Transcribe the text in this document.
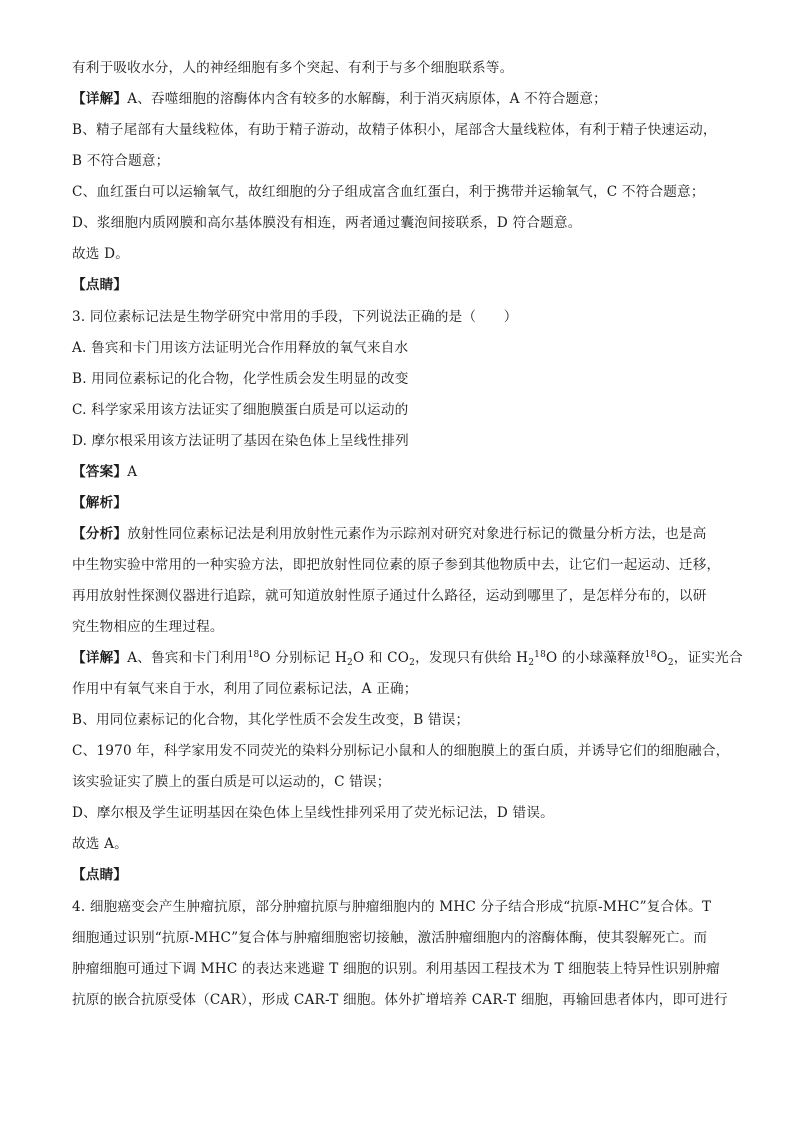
有利于吸收水分，人的神经细胞有多个突起、有利于与多个细胞联系等。
【详解】A、吞噬细胞的溶酶体内含有较多的水解酶，利于消灭病原体，A 不符合题意；
B、精子尾部有大量线粒体，有助于精子游动，故精子体积小，尾部含大量线粒体，有利于精子快速运动，
B 不符合题意；
C、血红蛋白可以运输氧气，故红细胞的分子组成富含血红蛋白，利于携带并运输氧气，C 不符合题意；
D、浆细胞内质网膜和高尔基体膜没有相连，两者通过囊泡间接联系，D 符合题意。
故选 D。
【点睛】
3. 同位素标记法是生物学研究中常用的手段，下列说法正确的是（　　）
A. 鲁宾和卡门用该方法证明光合作用释放的氧气来自水
B. 用同位素标记的化合物，化学性质会发生明显的改变
C. 科学家采用该方法证实了细胞膜蛋白质是可以运动的
D. 摩尔根采用该方法证明了基因在染色体上呈线性排列
【答案】A
【解析】
【分析】放射性同位素标记法是利用放射性元素作为示踪剂对研究对象进行标记的微量分析方法，也是高
中生物实验中常用的一种实验方法，即把放射性同位素的原子参到其他物质中去，让它们一起运动、迁移，
再用放射性探测仪器进行追踪，就可知道放射性原子通过什么路径，运动到哪里了，是怎样分布的，以研
究生物相应的生理过程。
【详解】A、鲁宾和卡门利用$^{18}$O 分别标记 $H_2O$ 和 $CO_2$，发现只有供给 $H_2^{18}O$ 的小球藻释放$^{18}O_2$，证实光合
作用中有氧气来自于水，利用了同位素标记法，A 正确；
B、用同位素标记的化合物，其化学性质不会发生改变，B 错误；
C、1970 年，科学家用发不同荧光的染料分别标记小鼠和人的细胞膜上的蛋白质，并诱导它们的细胞融合，
该实验证实了膜上的蛋白质是可以运动的，C 错误；
D、摩尔根及学生证明基因在染色体上呈线性排列采用了荧光标记法，D 错误。
故选 A。
【点睛】
4. 细胞癌变会产生肿瘤抗原，部分肿瘤抗原与肿瘤细胞内的 MHC 分子结合形成“抗原-MHC”复合体。T
细胞通过识别“抗原-MHC”复合体与肿瘤细胞密切接触，激活肿瘤细胞内的溶酶体酶，使其裂解死亡。而
肿瘤细胞可通过下调 MHC 的表达来逃避 T 细胞的识别。利用基因工程技术为 T 细胞装上特异性识别肿瘤
抗原的嵌合抗原受体（CAR），形成 CAR-T 细胞。体外扩增培养 CAR-T 细胞，再输回患者体内，即可进行
